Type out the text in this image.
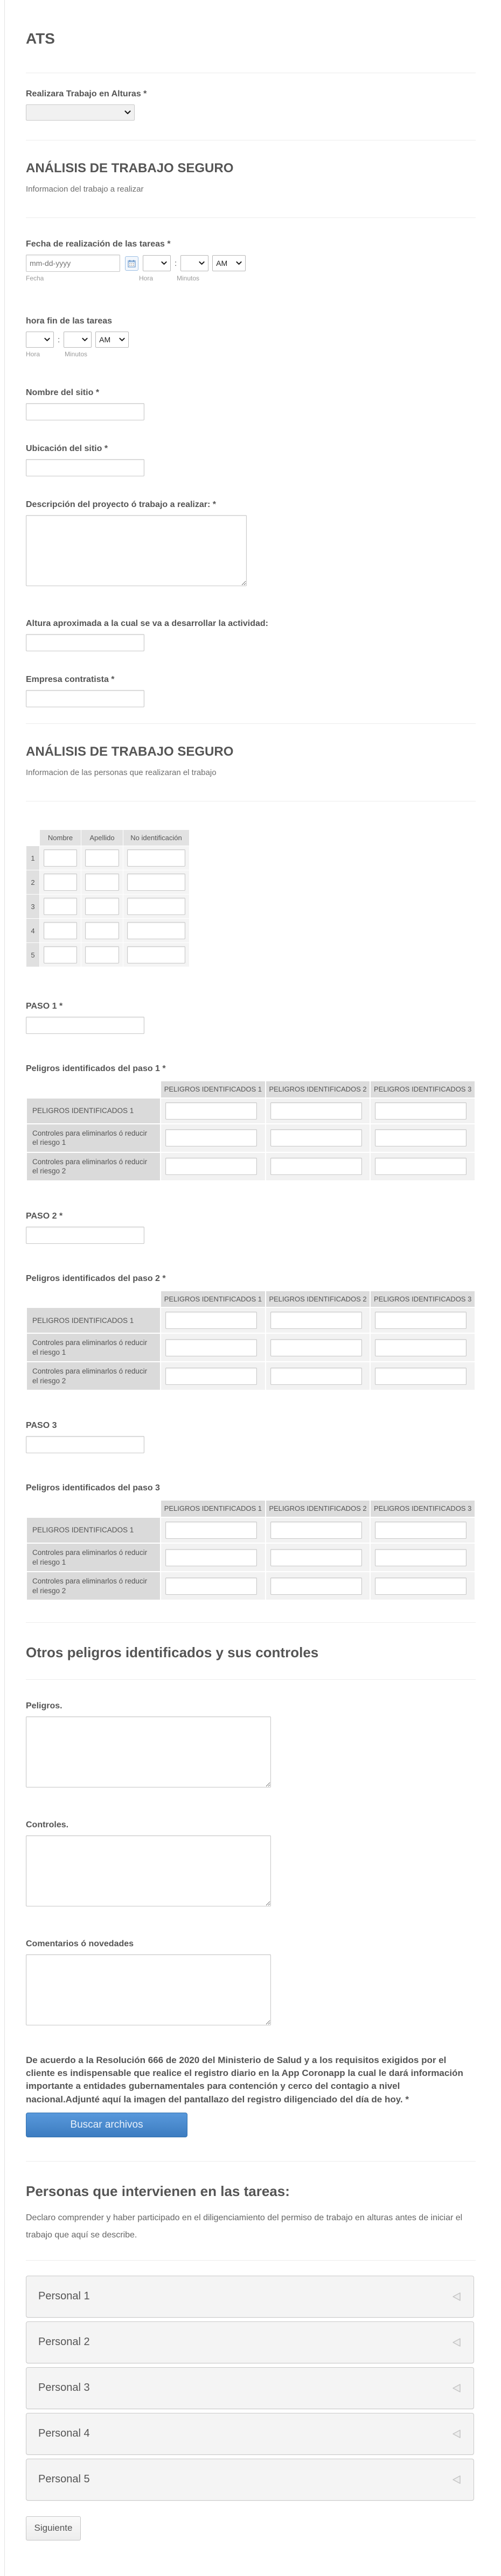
ATS
Realizara Trabajo en Alturas *
ANÁLISIS DE TRABAJO SEGURO
Informacion del trabajo a realizar
Fecha de realización de las tareas *
mm-dd-yyyy
:	AM
Fecha	Hora	Minutos
hora fin de las tareas
:	AM
Hora	Minutos
Nombre del sitio *
Ubicación del sitio *
Descripción del proyecto ó trabajo a realizar: *
Altura aproximada a la cual se va a desarrollar la actividad:
Empresa contratista *
ANÁLISIS DE TRABAJO SEGURO
Informacion de las personas que realizaran el trabajo
	Nombre	Apellido	No identificación
1			
2			
3			
4			
5			
PASO 1 *
Peligros identificados del paso 1 *
	PELIGROS IDENTIFICADOS 1	PELIGROS IDENTIFICADOS 2	PELIGROS IDENTIFICADOS 3
PELIGROS IDENTIFICADOS 1			
Controles para eliminarlos ó reducir el riesgo 1			
Controles para eliminarlos ó reducir el riesgo 2			
PASO 2 *
Peligros identificados del paso 2 *
	PELIGROS IDENTIFICADOS 1	PELIGROS IDENTIFICADOS 2	PELIGROS IDENTIFICADOS 3
PELIGROS IDENTIFICADOS 1			
Controles para eliminarlos ó reducir el riesgo 1			
Controles para eliminarlos ó reducir el riesgo 2			
PASO 3
Peligros identificados del paso 3
	PELIGROS IDENTIFICADOS 1	PELIGROS IDENTIFICADOS 2	PELIGROS IDENTIFICADOS 3
PELIGROS IDENTIFICADOS 1			
Controles para eliminarlos ó reducir el riesgo 1			
Controles para eliminarlos ó reducir el riesgo 2			
Otros peligros identificados y sus controles
Peligros.
Controles.
Comentarios ó novedades
De acuerdo a la Resolución 666 de 2020 del Ministerio de Salud y a los requisitos exigidos por el cliente es indispensable que realice el registro diario en la App Coronapp la cual le dará información importante a entidades gubernamentales para contención y cerco del contagio a nivel nacional.Adjunté aquí la imagen del pantallazo del registro diligenciado del día de hoy. *
Buscar archivos
Personas que intervienen en las tareas:
Declaro comprender y haber participado en el diligenciamiento del permiso de trabajo en alturas antes de iniciar el trabajo que aquí se describe.
Personal 1
Personal 2
Personal 3
Personal 4
Personal 5
Siguiente
